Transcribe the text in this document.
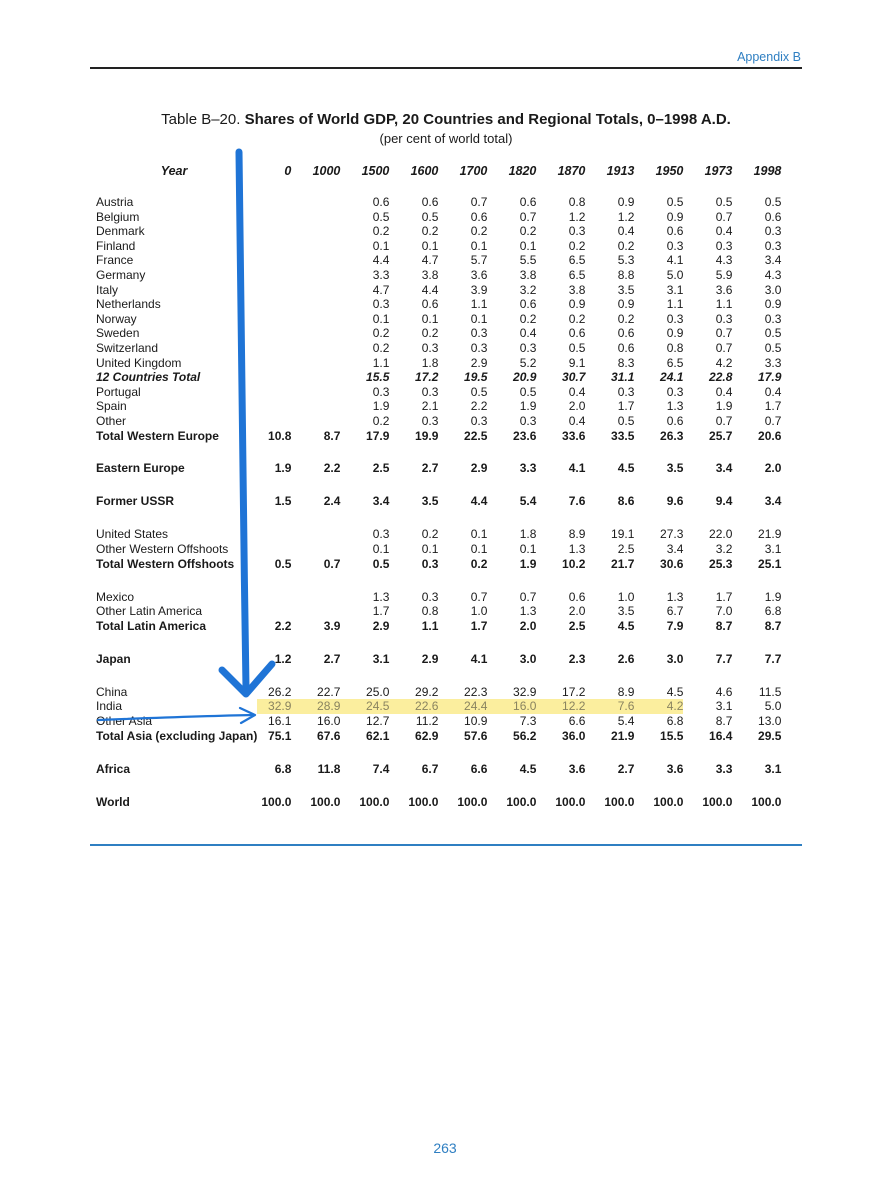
Appendix B
Table B–20. Shares of World GDP, 20 Countries and Regional Totals, 0–1998 A.D.
(per cent of world total)
Year	0	1000	1500	1600	1700	1820	1870	1913	1950	1973	1998

Austria			0.6	0.6	0.7	0.6	0.8	0.9	0.5	0.5	0.5
Belgium			0.5	0.5	0.6	0.7	1.2	1.2	0.9	0.7	0.6
Denmark			0.2	0.2	0.2	0.2	0.3	0.4	0.6	0.4	0.3
Finland			0.1	0.1	0.1	0.1	0.2	0.2	0.3	0.3	0.3
France			4.4	4.7	5.7	5.5	6.5	5.3	4.1	4.3	3.4
Germany			3.3	3.8	3.6	3.8	6.5	8.8	5.0	5.9	4.3
Italy			4.7	4.4	3.9	3.2	3.8	3.5	3.1	3.6	3.0
Netherlands			0.3	0.6	1.1	0.6	0.9	0.9	1.1	1.1	0.9
Norway			0.1	0.1	0.1	0.2	0.2	0.2	0.3	0.3	0.3
Sweden			0.2	0.2	0.3	0.4	0.6	0.6	0.9	0.7	0.5
Switzerland			0.2	0.3	0.3	0.3	0.5	0.6	0.8	0.7	0.5
United Kingdom			1.1	1.8	2.9	5.2	9.1	8.3	6.5	4.2	3.3
12 Countries Total			15.5	17.2	19.5	20.9	30.7	31.1	24.1	22.8	17.9
Portugal			0.3	0.3	0.5	0.5	0.4	0.3	0.3	0.4	0.4
Spain			1.9	2.1	2.2	1.9	2.0	1.7	1.3	1.9	1.7
Other			0.2	0.3	0.3	0.3	0.4	0.5	0.6	0.7	0.7
Total Western Europe	10.8	8.7	17.9	19.9	22.5	23.6	33.6	33.5	26.3	25.7	20.6

Eastern Europe	1.9	2.2	2.5	2.7	2.9	3.3	4.1	4.5	3.5	3.4	2.0

Former USSR	1.5	2.4	3.4	3.5	4.4	5.4	7.6	8.6	9.6	9.4	3.4

United States			0.3	0.2	0.1	1.8	8.9	19.1	27.3	22.0	21.9
Other Western Offshoots			0.1	0.1	0.1	0.1	1.3	2.5	3.4	3.2	3.1
Total Western Offshoots	0.5	0.7	0.5	0.3	0.2	1.9	10.2	21.7	30.6	25.3	25.1

Mexico			1.3	0.3	0.7	0.7	0.6	1.0	1.3	1.7	1.9
Other Latin America			1.7	0.8	1.0	1.3	2.0	3.5	6.7	7.0	6.8
Total Latin America	2.2	3.9	2.9	1.1	1.7	2.0	2.5	4.5	7.9	8.7	8.7

Japan	1.2	2.7	3.1	2.9	4.1	3.0	2.3	2.6	3.0	7.7	7.7

China	26.2	22.7	25.0	29.2	22.3	32.9	17.2	8.9	4.5	4.6	11.5
India	32.9	28.9	24.5	22.6	24.4	16.0	12.2	7.6	4.2	3.1	5.0
Other Asia	16.1	16.0	12.7	11.2	10.9	7.3	6.6	5.4	6.8	8.7	13.0
Total Asia (excluding Japan)	75.1	67.6	62.1	62.9	57.6	56.2	36.0	21.9	15.5	16.4	29.5

Africa	6.8	11.8	7.4	6.7	6.6	4.5	3.6	2.7	3.6	3.3	3.1

World	100.0	100.0	100.0	100.0	100.0	100.0	100.0	100.0	100.0	100.0	100.0
263
